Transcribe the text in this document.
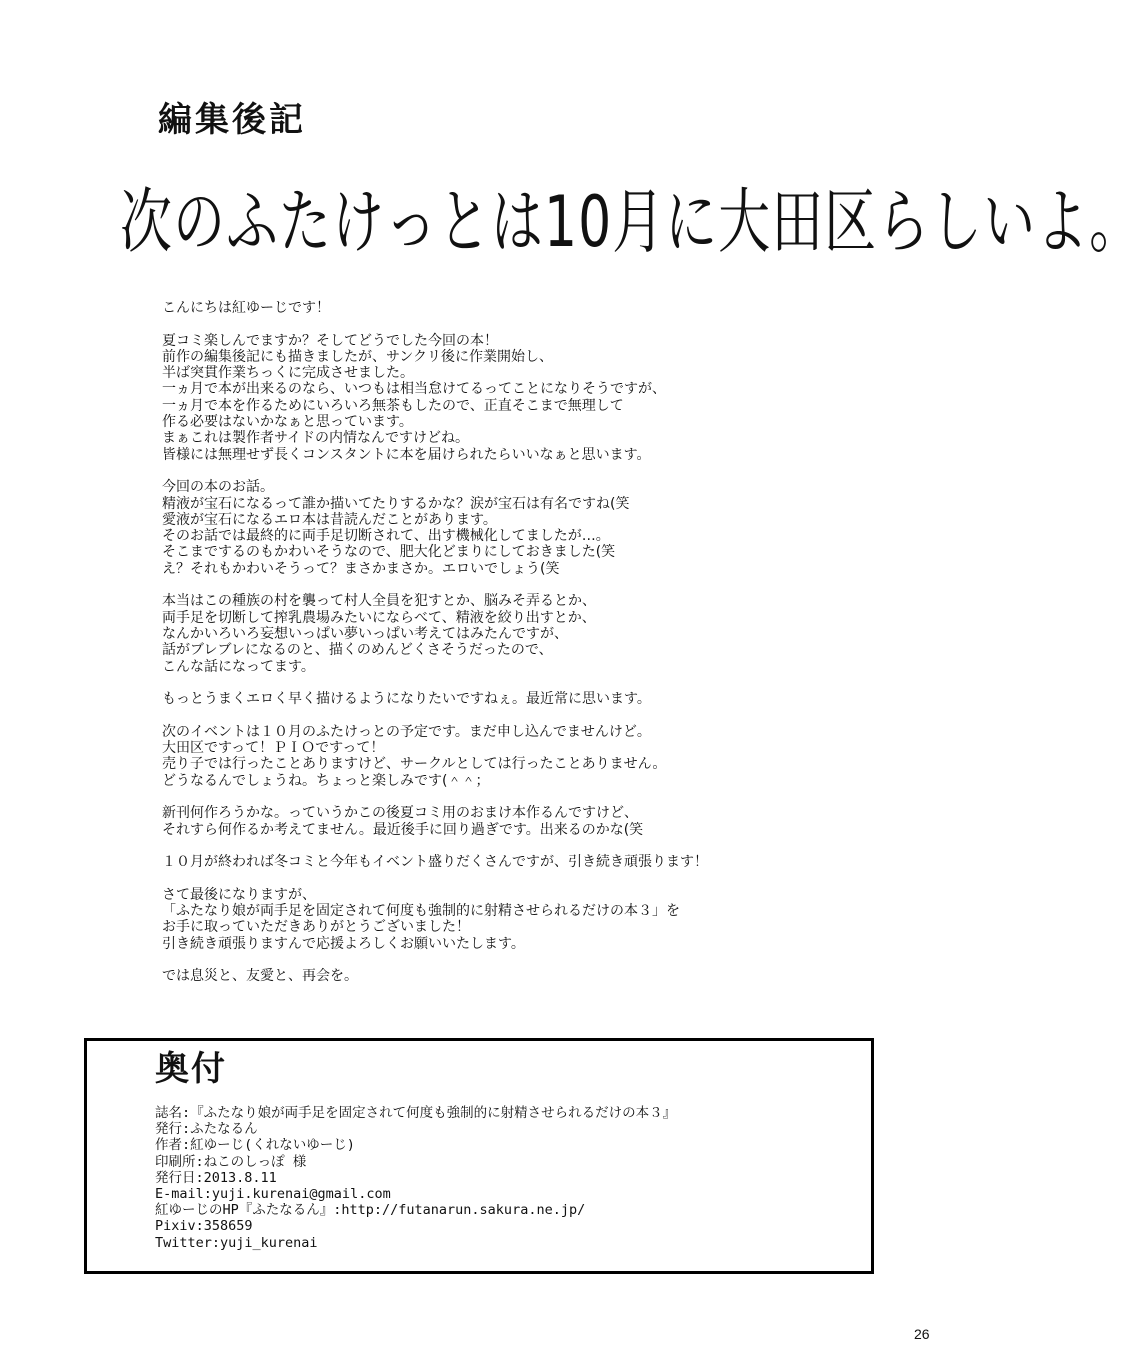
編集後記
次のふたけっとは10月に大田区らしいよ。

こんにちは紅ゆーじです！

夏コミ楽しんでますか？そしてどうでした今回の本！
前作の編集後記にも描きましたが、サンクリ後に作業開始し、
半ば突貫作業ちっくに完成させました。
一ヵ月で本が出来るのなら、いつもは相当怠けてるってことになりそうですが、
一ヵ月で本を作るためにいろいろ無茶もしたので、正直そこまで無理して
作る必要はないかなぁと思っています。
まぁこれは製作者サイドの内情なんですけどね。
皆様には無理せず長くコンスタントに本を届けられたらいいなぁと思います。

今回の本のお話。
精液が宝石になるって誰か描いてたりするかな？涙が宝石は有名ですね(笑
愛液が宝石になるエロ本は昔読んだことがあります。
そのお話では最終的に両手足切断されて、出す機械化してましたが…。
そこまでするのもかわいそうなので、肥大化どまりにしておきました(笑
え？それもかわいそうって？まさかまさか。エロいでしょう(笑

本当はこの種族の村を襲って村人全員を犯すとか、脳みそ弄るとか、
両手足を切断して搾乳農場みたいにならべて、精液を絞り出すとか、
なんかいろいろ妄想いっぱい夢いっぱい考えてはみたんですが、
話がブレブレになるのと、描くのめんどくさそうだったので、
こんな話になってます。

もっとうまくエロく早く描けるようになりたいですねぇ。最近常に思います。

次のイベントは１０月のふたけっとの予定です。まだ申し込んでませんけど。
大田区ですって！ＰＩＯですって！
売り子では行ったことありますけど、サークルとしては行ったことありません。
どうなるんでしょうね。ちょっと楽しみです(＾＾；

新刊何作ろうかな。っていうかこの後夏コミ用のおまけ本作るんですけど、
それすら何作るか考えてません。最近後手に回り過ぎです。出来るのかな(笑

１０月が終われば冬コミと今年もイベント盛りだくさんですが、引き続き頑張ります！

さて最後になりますが、
「ふたなり娘が両手足を固定されて何度も強制的に射精させられるだけの本３」を
お手に取っていただきありがとうございました！
引き続き頑張りますんで応援よろしくお願いいたします。

では息災と、友愛と、再会を。

奥付
誌名:『ふたなり娘が両手足を固定されて何度も強制的に射精させられるだけの本３』
発行:ふたなるん
作者:紅ゆーじ(くれないゆーじ)
印刷所:ねこのしっぽ 様
発行日:2013.8.11
E-mail:yuji.kurenai@gmail.com
紅ゆーじのHP『ふたなるん』:http://futanarun.sakura.ne.jp/
Pixiv:358659
Twitter:yuji_kurenai
26
